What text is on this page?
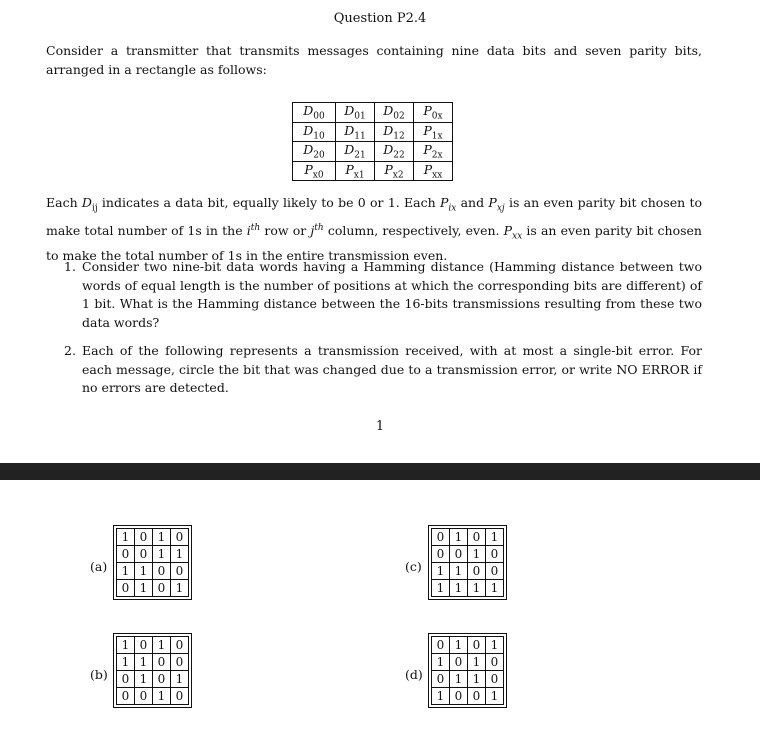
Question P2.4

Consider a transmitter that transmits messages containing nine data bits and seven parity bits, arranged in a rectangle as follows:

$D_{00}$	$D_{01}$	$D_{02}$	$P_{0x}$
$D_{10}$	$D_{11}$	$D_{12}$	$P_{1x}$
$D_{20}$	$D_{21}$	$D_{22}$	$P_{2x}$
$P_{x0}$	$P_{x1}$	$P_{x2}$	$P_{xx}$

Each $D_{ij}$ indicates a data bit, equally likely to be 0 or 1. Each $P_{ix}$ and $P_{xj}$ is an even parity bit chosen to make total number of 1s in the $i^{th}$ row or $j^{th}$ column, respectively, even. $P_{xx}$ is an even parity bit chosen to make the total number of 1s in the entire transmission even.

1. Consider two nine-bit data words having a Hamming distance (Hamming distance between two words of equal length is the number of positions at which the corresponding bits are different) of 1 bit. What is the Hamming distance between the 16-bits transmissions resulting from these two data words?

2. Each of the following represents a transmission received, with at most a single-bit error. For each message, circle the bit that was changed due to a transmission error, or write NO ERROR if no errors are detected.

1
(a)
1	0	1	0
0	0	1	1
1	1	0	0
0	1	0	1
(b)
1	0	1	0
1	1	0	0
0	1	0	1
0	0	1	0
(c)
0	1	0	1
0	0	1	0
1	1	0	0
1	1	1	1
(d)
0	1	0	1
1	0	1	0
0	1	1	0
1	0	0	1
